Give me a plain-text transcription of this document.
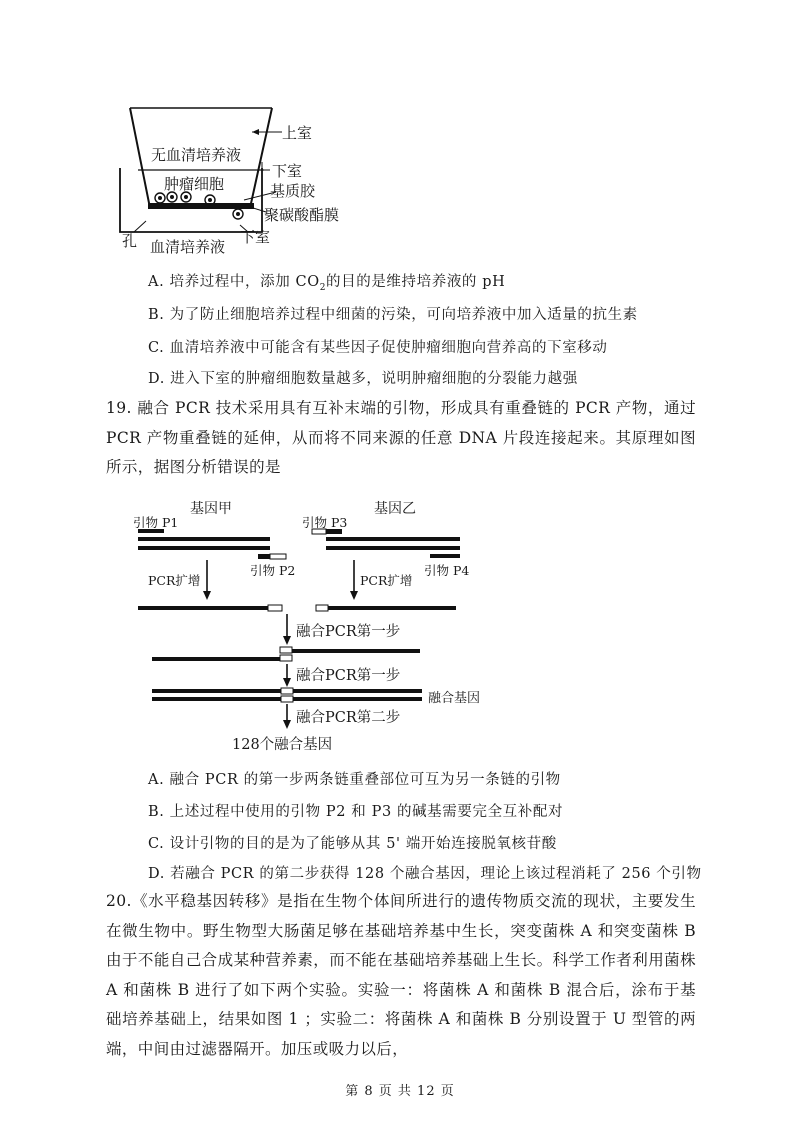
上室
无血清培养液
下室
肿瘤细胞	基质胶
聚碳酸酯膜
孔 血清培养液
下室
A. 培养过程中，添加 $CO_2$的目的是维持培养液的 pH
B. 为了防止细胞培养过程中细菌的污染，可向培养液中加入适量的抗生素
C. 血清培养液中可能含有某些因子促使肿瘤细胞向营养高的下室移动
D. 进入下室的肿瘤细胞数量越多，说明肿瘤细胞的分裂能力越强
19. 融合 PCR 技术采用具有互补末端的引物，形成具有重叠链的 PCR 产物，通过 PCR 产物重叠链的延伸，从而将不同来源的任意 DNA 片段连接起来。其原理如图所示，据图分析错误的是
基因甲	基因乙
引物 P1
引物 P2
引物 P3
引物 P4
PCR扩增	PCR扩增
融合PCR第一步
融合PCR第一步
融合基因
融合PCR第二步
128个融合基因
A. 融合 PCR 的第一步两条链重叠部位可互为另一条链的引物
B. 上述过程中使用的引物 P2 和 P3 的碱基需要完全互补配对
C. 设计引物的目的是为了能够从其 5' 端开始连接脱氧核苷酸
D. 若融合 PCR 的第二步获得 128 个融合基因，理论上该过程消耗了 256 个引物
20.《水平稳基因转移》是指在生物个体间所进行的遗传物质交流的现状，主要发生在微生物中。野生物型大肠菌足够在基础培养基中生长，突变菌株 A 和突变菌株 B 由于不能自己合成某种营养素，而不能在基础培养基础上生长。科学工作者利用菌株 A 和菌株 B 进行了如下两个实验。实验一：将菌株 A 和菌株 B 混合后，涂布于基础培养基础上，结果如图 1 ；实验二：将菌株 A 和菌株 B 分别设置于 U 型管的两端，中间由过滤器隔开。加压或吸力以后，
第 8 页 共 12 页
